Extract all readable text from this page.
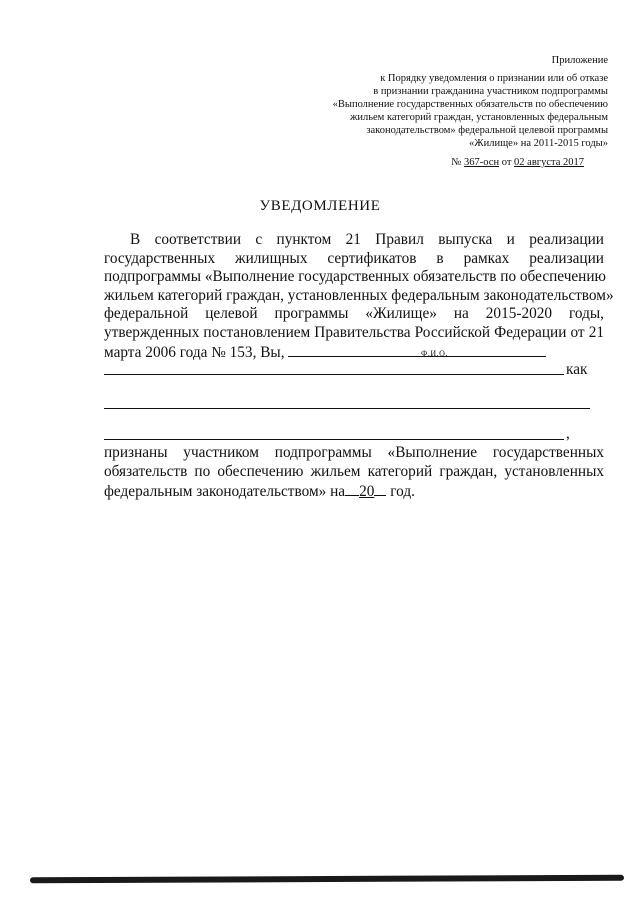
Приложение
к Порядку уведомления о признании или об отказе
в признании гражданина участником подпрограммы
«Выполнение государственных обязательств по обеспечению
жильем категорий граждан, установленных федеральным
законодательством» федеральной целевой программы
«Жилище» на 2011-2015 годы»
№ 367-осн от 02 августа 2017
УВЕДОМЛЕНИЕ
В соответствии с пунктом 21 Правил выпуска и реализации
государственных жилищных сертификатов в рамках реализации
подпрограммы «Выполнение государственных обязательств по обеспечению
жильем категорий граждан, установленных федеральным законодательством»
федеральной целевой программы «Жилище» на 2015-2020 годы,
утвержденных постановлением Правительства Российской Федерации от 21
марта 2006 года № 153, Вы,	Ф.И.О.
как
,
признаны участником подпрограммы «Выполнение государственных
обязательств по обеспечению жильем категорий граждан, установленных
федеральным законодательством» на 20 год.
